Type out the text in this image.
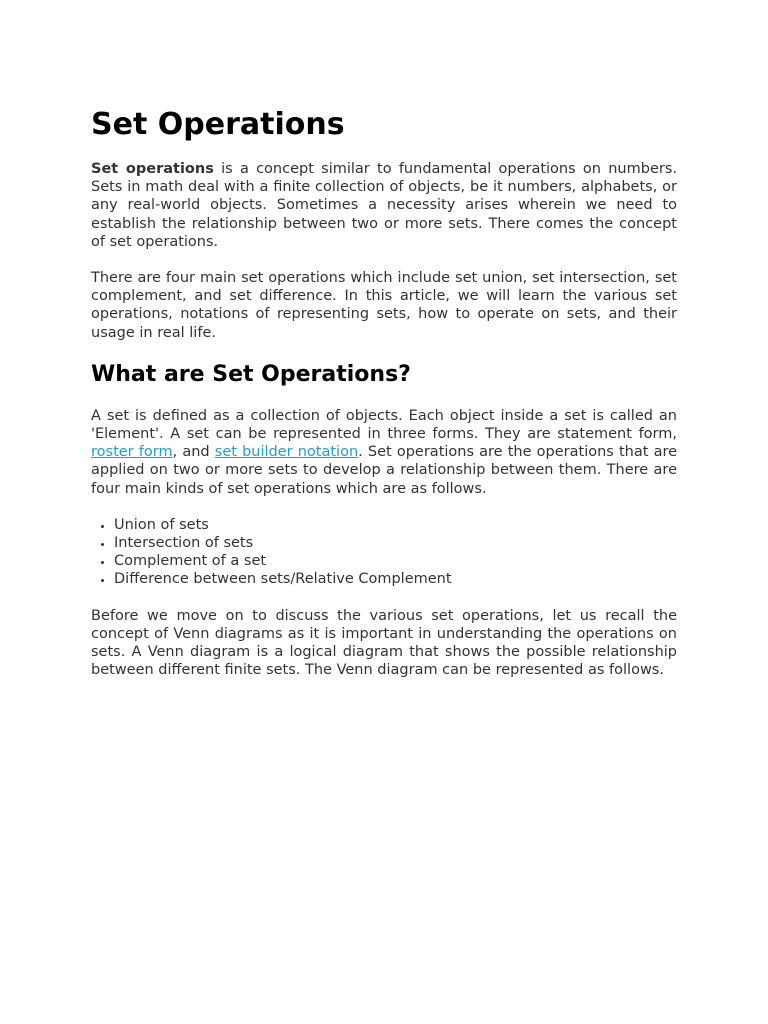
Set Operations

Set operations is a concept similar to fundamental operations on numbers. Sets in math deal with a finite collection of objects, be it numbers, alphabets, or any real-world objects. Sometimes a necessity arises wherein we need to establish the relationship between two or more sets. There comes the concept of set operations.

There are four main set operations which include set union, set intersection, set complement, and set difference. In this article, we will learn the various set operations, notations of representing sets, how to operate on sets, and their usage in real life.

What are Set Operations?

A set is defined as a collection of objects. Each object inside a set is called an 'Element'. A set can be represented in three forms. They are statement form, roster form, and set builder notation. Set operations are the operations that are applied on two or more sets to develop a relationship between them. There are four main kinds of set operations which are as follows.

• Union of sets
• Intersection of sets
• Complement of a set
• Difference between sets/Relative Complement

Before we move on to discuss the various set operations, let us recall the concept of Venn diagrams as it is important in understanding the operations on sets. A Venn diagram is a logical diagram that shows the possible relationship between different finite sets. The Venn diagram can be represented as follows.
